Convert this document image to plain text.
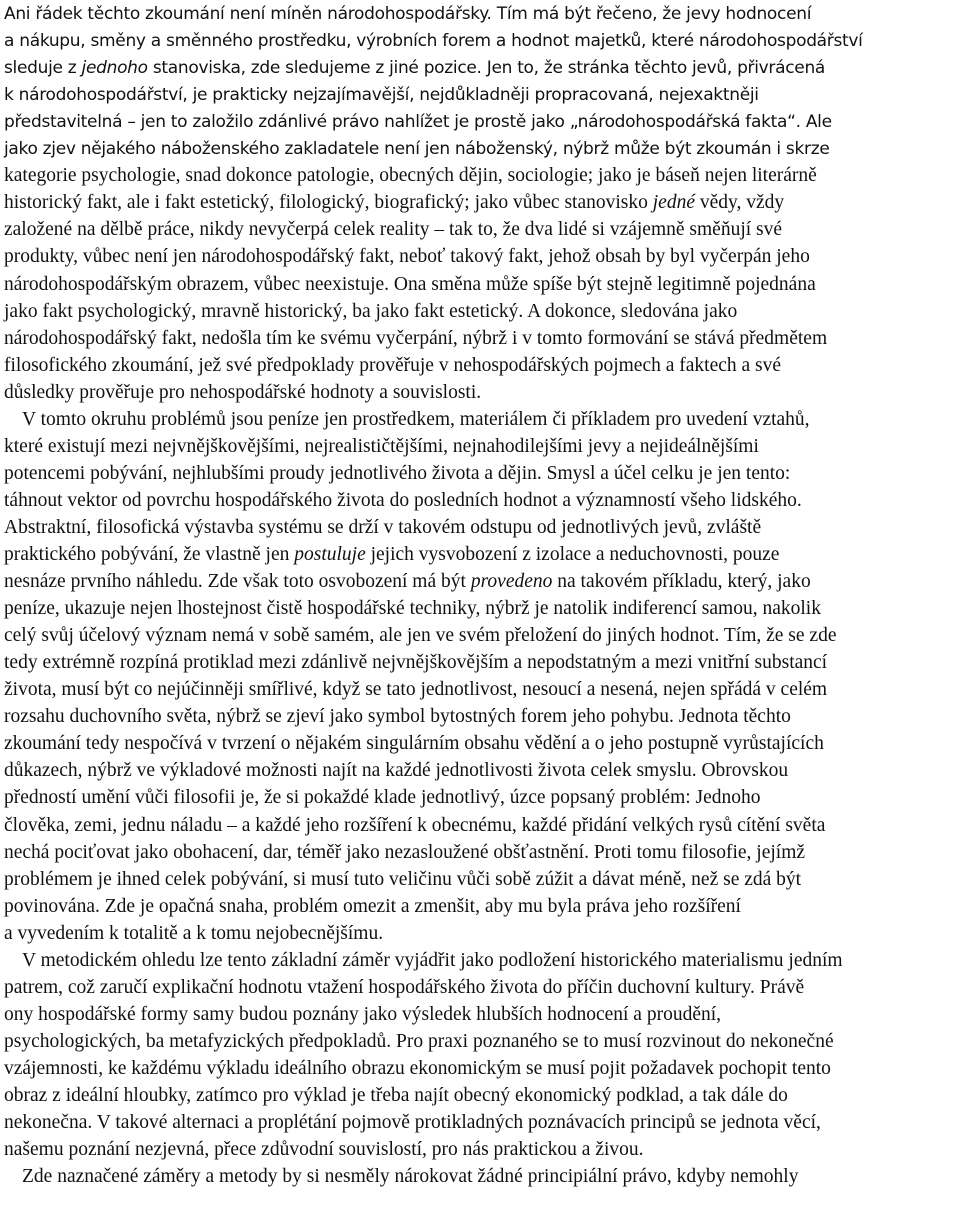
Ani řádek těchto zkoumání není míněn národohospodářsky. Tím má být řečeno, že jevy hodnocení
a nákupu, směny a směnného prostředku, výrobních forem a hodnot majetků, které národohospodářství
sleduje z jednoho stanoviska, zde sledujeme z jiné pozice. Jen to, že stránka těchto jevů, přivrácená
k národohospodářství, je prakticky nejzajímavější, nejdůkladněji propracovaná, nejexaktněji
představitelná – jen to založilo zdánlivé právo nahlížet je prostě jako „národohospodářská fakta“. Ale
jako zjev nějakého náboženského zakladatele není jen náboženský, nýbrž může být zkoumán i skrze
kategorie psychologie, snad dokonce patologie, obecných dějin, sociologie; jako je báseň nejen literárně
historický fakt, ale i fakt estetický, filologický, biografický; jako vůbec stanovisko jedné vědy, vždy
založené na dělbě práce, nikdy nevyčerpá celek reality – tak to, že dva lidé si vzájemně směňují své
produkty, vůbec není jen národohospodářský fakt, neboť takový fakt, jehož obsah by byl vyčerpán jeho
národohospodářským obrazem, vůbec neexistuje. Ona směna může spíše být stejně legitimně pojednána
jako fakt psychologický, mravně historický, ba jako fakt estetický. A dokonce, sledována jako
národohospodářský fakt, nedošla tím ke svému vyčerpání, nýbrž i v tomto formování se stává předmětem
filosofického zkoumání, jež své předpoklady prověřuje v nehospodářských pojmech a faktech a své
důsledky prověřuje pro nehospodářské hodnoty a souvislosti.
V tomto okruhu problémů jsou peníze jen prostředkem, materiálem či příkladem pro uvedení vztahů,
které existují mezi nejvnějškovějšími, nejrealističtějšími, nejnahodilejšími jevy a nejideálnějšími
potencemi pobývání, nejhlubšími proudy jednotlivého života a dějin. Smysl a účel celku je jen tento:
táhnout vektor od povrchu hospodářského života do posledních hodnot a významností všeho lidského.
Abstraktní, filosofická výstavba systému se drží v takovém odstupu od jednotlivých jevů, zvláště
praktického pobývání, že vlastně jen postuluje jejich vysvobození z izolace a neduchovnosti, pouze
nesnáze prvního náhledu. Zde však toto osvobození má být provedeno na takovém příkladu, který, jako
peníze, ukazuje nejen lhostejnost čistě hospodářské techniky, nýbrž je natolik indiferencí samou, nakolik
celý svůj účelový význam nemá v sobě samém, ale jen ve svém přeložení do jiných hodnot. Tím, že se zde
tedy extrémně rozpíná protiklad mezi zdánlivě nejvnějškovějším a nepodstatným a mezi vnitřní substancí
života, musí být co nejúčinněji smířlivé, když se tato jednotlivost, nesoucí a nesená, nejen spřádá v celém
rozsahu duchovního světa, nýbrž se zjeví jako symbol bytostných forem jeho pohybu. Jednota těchto
zkoumání tedy nespočívá v tvrzení o nějakém singulárním obsahu vědění a o jeho postupně vyrůstajících
důkazech, nýbrž ve výkladové možnosti najít na každé jednotlivosti života celek smyslu. Obrovskou
předností umění vůči filosofii je, že si pokaždé klade jednotlivý, úzce popsaný problém: Jednoho
člověka, zemi, jednu náladu – a každé jeho rozšíření k obecnému, každé přidání velkých rysů cítění světa
nechá pociťovat jako obohacení, dar, téměř jako nezasloužené obšťastnění. Proti tomu filosofie, jejímž
problémem je ihned celek pobývání, si musí tuto veličinu vůči sobě zúžit a dávat méně, než se zdá být
povinována. Zde je opačná snaha, problém omezit a zmenšit, aby mu byla práva jeho rozšíření
a vyvedením k totalitě a k tomu nejobecnějšímu.
V metodickém ohledu lze tento základní záměr vyjádřit jako podložení historického materialismu jedním
patrem, což zaručí explikační hodnotu vtažení hospodářského života do příčin duchovní kultury. Právě
ony hospodářské formy samy budou poznány jako výsledek hlubších hodnocení a proudění,
psychologických, ba metafyzických předpokladů. Pro praxi poznaného se to musí rozvinout do nekonečné
vzájemnosti, ke každému výkladu ideálního obrazu ekonomickým se musí pojit požadavek pochopit tento
obraz z ideální hloubky, zatímco pro výklad je třeba najít obecný ekonomický podklad, a tak dále do
nekonečna. V takové alternaci a proplétání pojmově protikladných poznávacích principů se jednota věcí,
našemu poznání nezjevná, přece zdůvodní souvislostí, pro nás praktickou a živou.
Zde naznačené záměry a metody by si nesměly nárokovat žádné principiální právo, kdyby nemohly
